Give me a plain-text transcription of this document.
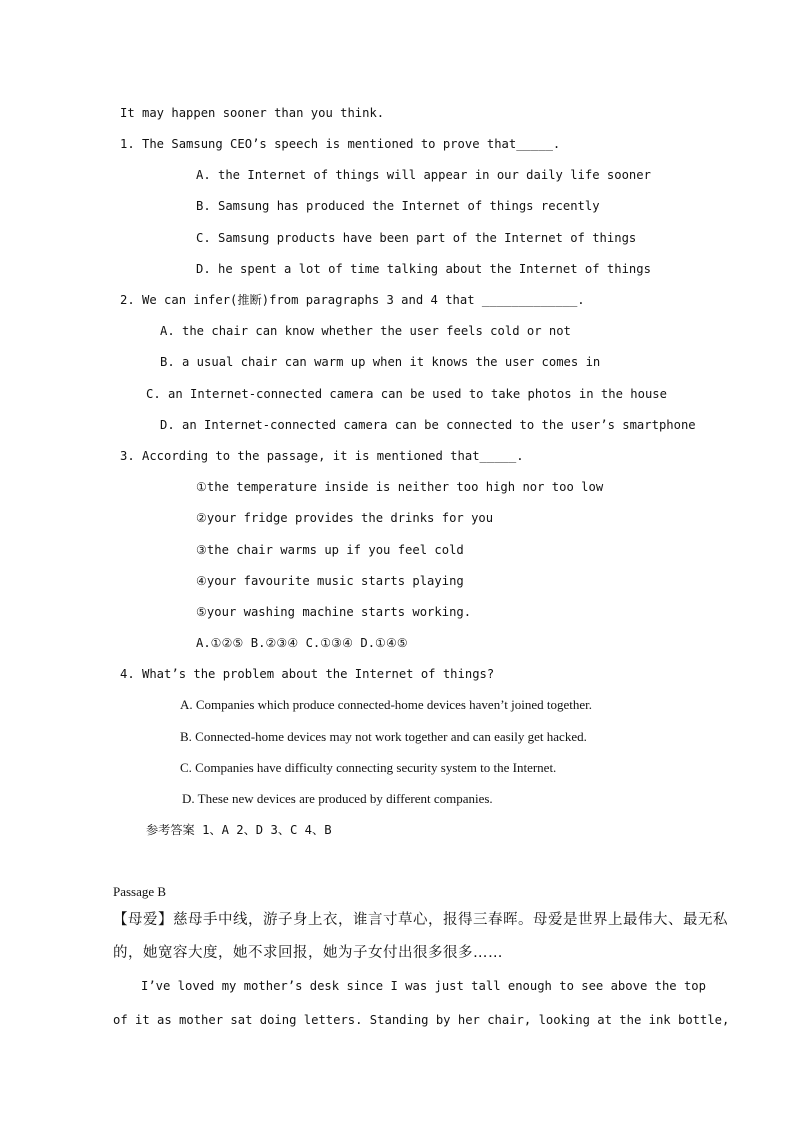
It may happen sooner than you think.
1. The Samsung CEO’s speech is mentioned to prove that_____.
A. the Internet of things will appear in our daily life sooner
B. Samsung has produced the Internet of things recently
C. Samsung products have been part of the Internet of things
D. he spent a lot of time talking about the Internet of things
2. We can infer(推断)from paragraphs 3 and 4 that _____________.
A. the chair can know whether the user feels cold or not
B. a usual chair can warm up when it knows the user comes in
C. an Internet-connected camera can be used to take photos in the house
D. an Internet-connected camera can be connected to the user’s smartphone
3. According to the passage, it is mentioned that_____.
①the temperature inside is neither too high nor too low
②your fridge provides the drinks for you
③the chair warms up if you feel cold
④your favourite music starts playing
⑤your washing machine starts working.
A.①②⑤ B.②③④ C.①③④ D.①④⑤
4. What’s the problem about the Internet of things?
A. Companies which produce connected-home devices haven’t joined together.
B. Connected-home devices may not work together and can easily get hacked.
C. Companies have difficulty connecting security system to the Internet.
D. These new devices are produced by different companies.
参考答案 1、A 2、D 3、C 4、B
Passage B
【母爱】慈母手中线，游子身上衣，谁言寸草心，报得三春晖。母爱是世界上最伟大、最无私
的，她宽容大度，她不求回报，她为子女付出很多很多……
I’ve loved my mother’s desk since I was just tall enough to see above the top
of it as mother sat doing letters. Standing by her chair, looking at the ink bottle,
